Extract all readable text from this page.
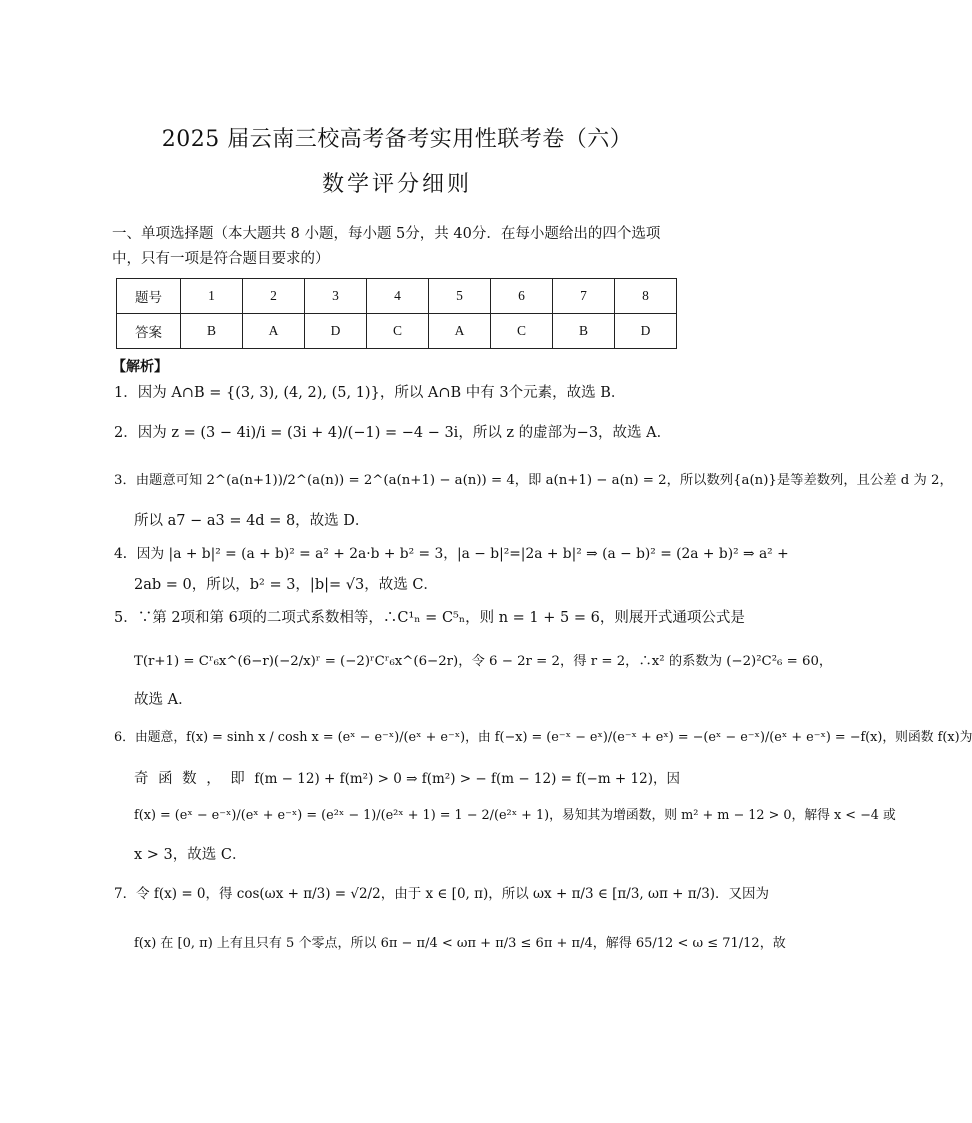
2025 届云南三校高考备考实用性联考卷（六）
数学评分细则
一、单项选择题（本大题共 8 小题，每小题 5分，共 40分．在每小题给出的四个选项中，只有一项是符合题目要求的）
题号	1	2	3	4	5	6	7	8
答案	B	A	D	C	A	C	B	D
【解析】
1．因为 A∩B = {(3, 3), (4, 2), (5, 1)}，所以 A∩B 中有 3个元素，故选 B．
2．因为 z = (3 − 4i)/i = (3i + 4)/(−1) = −4 − 3i，所以 z 的虚部为−3，故选 A．
3．由题意可知 2^(a(n+1))/2^(a(n)) = 2^(a(n+1) − a(n)) = 4，即 a(n+1) − a(n) = 2，所以数列{a(n)}是等差数列，且公差 d 为 2，
所以 a7 − a3 = 4d = 8，故选 D．
4．因为 |a + b|² = (a + b)² = a² + 2a·b + b² = 3，|a − b|²=|2a + b|² ⇒ (a − b)² = (2a + b)² ⇒ a² +
2ab = 0，所以，b² = 3，|b|= √3，故选 C．
5．∵第 2项和第 6项的二项式系数相等，∴C¹ₙ = C⁵ₙ，则 n = 1 + 5 = 6，则展开式通项公式是
T(r+1) = Cʳ₆x^(6−r)(−2/x)ʳ = (−2)ʳCʳ₆x^(6−2r)，令 6 − 2r = 2，得 r = 2，∴x² 的系数为 (−2)²C²₆ = 60，
故选 A．
6．由题意，f(x) = sinh x / cosh x = (eˣ − e⁻ˣ)/(eˣ + e⁻ˣ)，由 f(−x) = (e⁻ˣ − eˣ)/(e⁻ˣ + eˣ) = −(eˣ − e⁻ˣ)/(eˣ + e⁻ˣ) = −f(x)，则函数 f(x)为
奇 函 数 ， 即 f(m − 12) + f(m²) > 0 ⇒ f(m²) > − f(m − 12) = f(−m + 12)，因
f(x) = (eˣ − e⁻ˣ)/(eˣ + e⁻ˣ) = (e²ˣ − 1)/(e²ˣ + 1) = 1 − 2/(e²ˣ + 1)，易知其为增函数，则 m² + m − 12 > 0，解得 x < −4 或
x > 3，故选 C．
7．令 f(x) = 0，得 cos(ωx + π/3) = √2/2，由于 x ∈ [0, π)，所以 ωx + π/3 ∈ [π/3, ωπ + π/3)．又因为
f(x) 在 [0, π) 上有且只有 5 个零点，所以 6π − π/4 < ωπ + π/3 ≤ 6π + π/4，解得 65/12 < ω ≤ 71/12，故
